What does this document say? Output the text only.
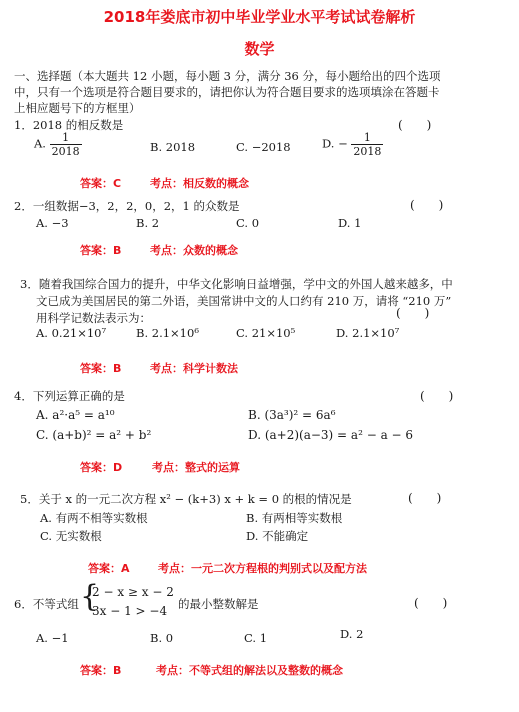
2018年娄底市初中毕业学业水平考试试卷解析
数学
一、选择题（本大题共 12 小题，每小题 3 分，满分 36 分，每小题给出的四个选项中，只有一个选项是符合题目要求的，请把你认为符合题目要求的选项填涂在答题卡上相应题号下的方框里）
1．2018 的相反数是	(　　)
A. $\frac{1}{2018}$	B. 2018	C. −2018	D. − $\frac{1}{2018}$
答案：C	考点：相反数的概念
2．一组数据−3，2，2，0，2，1 的众数是	(　　)
A. −3	B. 2	C. 0	D. 1
答案：B	考点：众数的概念
3．随着我国综合国力的提升，中华文化影响日益增强，学中文的外国人越来越多，中
文已成为美国居民的第二外语，美国常讲中文的人口约有 210 万，请将 “210 万”
用科学记数法表示为：	(　　)
A. 0.21×10⁷	B. 2.1×10⁶	C. 21×10⁵	D. 2.1×10⁷
答案：B	考点：科学计数法
4．下列运算正确的是	(　　)
A. a²·a⁵ = a¹⁰	B. (3a³)² = 6a⁶
C. (a+b)² = a² + b²	D. (a+2)(a−3) = a² − a − 6
答案：D	考点：整式的运算
5．关于 x 的一元二次方程 x² − (k+3) x + k = 0 的根的情况是	(　　)
A. 有两不相等实数根	B. 有两相等实数根
C. 无实数根	D. 不能确定
答案：A	考点：一元二次方程根的判别式以及配方法
6．不等式组 {
2 − x ≥ x − 2
3x − 1 > −4 的最小整数解是	(　　)
A. −1	B. 0	C. 1	D. 2
答案：B	考点：不等式组的解法以及整数的概念
